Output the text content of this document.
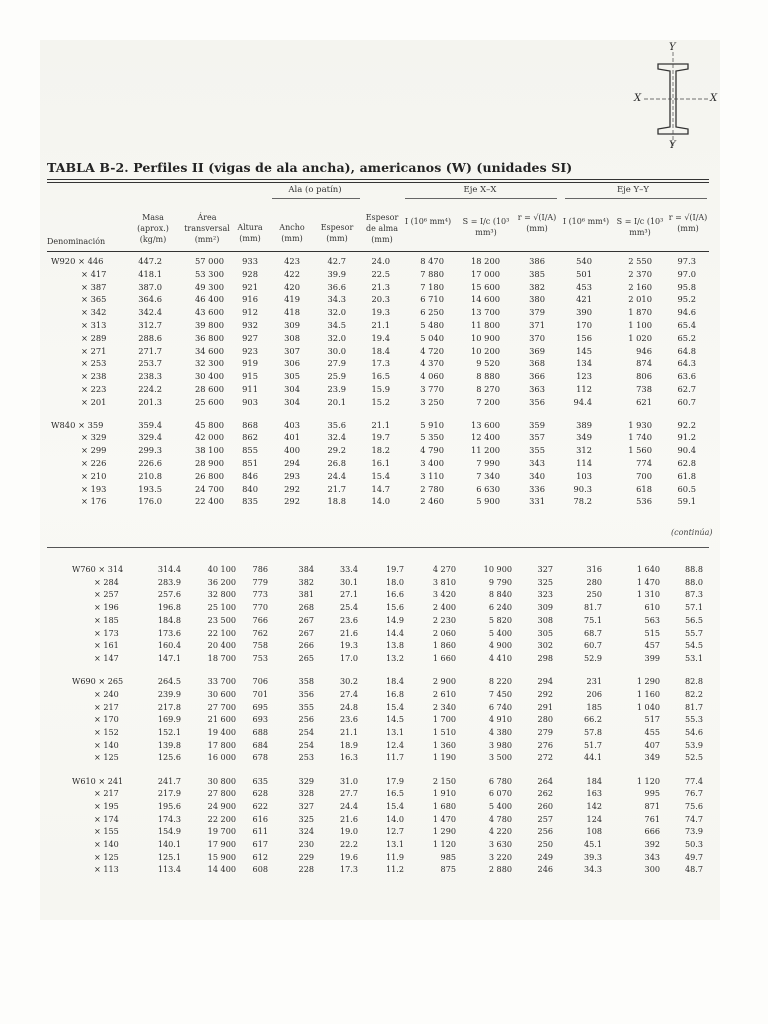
Y
X	X
Y
TABLA B-2. Perfiles II (vigas de ala ancha), americanos (W) (unidades SI)
Ala (o patín)	Eje X–X	Eje Y–Y
Denominación
Masa (aprox.) (kg/m)
Área transversal (mm²)
Altura (mm)
Ancho (mm)
Espesor (mm)
Espesor de alma (mm)
I (10⁶ mm⁴) S = I/c (10³ mm³)
r = √(I/A) (mm)
I (10⁶ mm⁴) S = I/c (10³ mm³)
r = √(I/A) (mm)
W920 × 446	447.2	57 000	933	423	42.7	24.0	8 470	18 200	386	540	2 550	97.3
× 417	418.1	53 300	928	422	39.9	22.5	7 880	17 000	385	501	2 370	97.0
× 387	387.0	49 300	921	420	36.6	21.3	7 180	15 600	382	453	2 160	95.8
× 365	364.6	46 400	916	419	34.3	20.3	6 710	14 600	380	421	2 010	95.2
× 342	342.4	43 600	912	418	32.0	19.3	6 250	13 700	379	390	1 870	94.6
× 313	312.7	39 800	932	309	34.5	21.1	5 480	11 800	371	170	1 100	65.4
× 289	288.6	36 800	927	308	32.0	19.4	5 040	10 900	370	156	1 020	65.2
× 271	271.7	34 600	923	307	30.0	18.4	4 720	10 200	369	145	946	64.8
× 253	253.7	32 300	919	306	27.9	17.3	4 370	9 520	368	134	874	64.3
× 238	238.3	30 400	915	305	25.9	16.5	4 060	8 880	366	123	806	63.6
× 223	224.2	28 600	911	304	23.9	15.9	3 770	8 270	363	112	738	62.7
× 201	201.3	25 600	903	304	20.1	15.2	3 250	7 200	356	94.4	621	60.7
W840 × 359	359.4	45 800	868	403	35.6	21.1	5 910	13 600	359	389	1 930	92.2
× 329	329.4	42 000	862	401	32.4	19.7	5 350	12 400	357	349	1 740	91.2
× 299	299.3	38 100	855	400	29.2	18.2	4 790	11 200	355	312	1 560	90.4
× 226	226.6	28 900	851	294	26.8	16.1	3 400	7 990	343	114	774	62.8
× 210	210.8	26 800	846	293	24.4	15.4	3 110	7 340	340	103	700	61.8
× 193	193.5	24 700	840	292	21.7	14.7	2 780	6 630	336	90.3	618	60.5
× 176	176.0	22 400	835	292	18.8	14.0	2 460	5 900	331	78.2	536	59.1
(continúa)
W760 × 314	314.4	40 100	786	384	33.4	19.7	4 270	10 900	327	316	1 640	88.8
× 284	283.9	36 200	779	382	30.1	18.0	3 810	9 790	325	280	1 470	88.0
× 257	257.6	32 800	773	381	27.1	16.6	3 420	8 840	323	250	1 310	87.3
× 196	196.8	25 100	770	268	25.4	15.6	2 400	6 240	309	81.7	610	57.1
× 185	184.8	23 500	766	267	23.6	14.9	2 230	5 820	308	75.1	563	56.5
× 173	173.6	22 100	762	267	21.6	14.4	2 060	5 400	305	68.7	515	55.7
× 161	160.4	20 400	758	266	19.3	13.8	1 860	4 900	302	60.7	457	54.5
× 147	147.1	18 700	753	265	17.0	13.2	1 660	4 410	298	52.9	399	53.1
W690 × 265	264.5	33 700	706	358	30.2	18.4	2 900	8 220	294	231	1 290	82.8
× 240	239.9	30 600	701	356	27.4	16.8	2 610	7 450	292	206	1 160	82.2
× 217	217.8	27 700	695	355	24.8	15.4	2 340	6 740	291	185	1 040	81.7
× 170	169.9	21 600	693	256	23.6	14.5	1 700	4 910	280	66.2	517	55.3
× 152	152.1	19 400	688	254	21.1	13.1	1 510	4 380	279	57.8	455	54.6
× 140	139.8	17 800	684	254	18.9	12.4	1 360	3 980	276	51.7	407	53.9
× 125	125.6	16 000	678	253	16.3	11.7	1 190	3 500	272	44.1	349	52.5
W610 × 241	241.7	30 800	635	329	31.0	17.9	2 150	6 780	264	184	1 120	77.4
× 217	217.9	27 800	628	328	27.7	16.5	1 910	6 070	262	163	995	76.7
× 195	195.6	24 900	622	327	24.4	15.4	1 680	5 400	260	142	871	75.6
× 174	174.3	22 200	616	325	21.6	14.0	1 470	4 780	257	124	761	74.7
× 155	154.9	19 700	611	324	19.0	12.7	1 290	4 220	256	108	666	73.9
× 140	140.1	17 900	617	230	22.2	13.1	1 120	3 630	250	45.1	392	50.3
× 125	125.1	15 900	612	229	19.6	11.9	985	3 220	249	39.3	343	49.7
× 113	113.4	14 400	608	228	17.3	11.2	875	2 880	246	34.3	300	48.7
